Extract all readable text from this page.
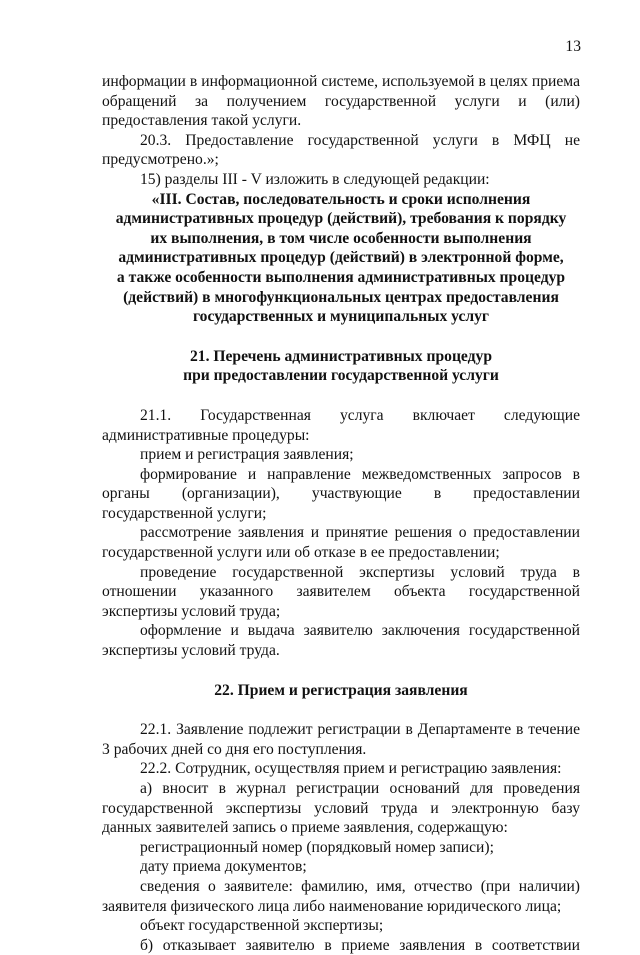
13

информации в информационной системе, используемой в целях приема обращений за получением государственной услуги и (или) предоставления такой услуги.

20.3. Предоставление государственной услуги в МФЦ не предусмотрено.»;

15) разделы III - V изложить в следующей редакции:

«III. Состав, последовательность и сроки исполнения

административных процедур (действий), требования к порядку

их выполнения, в том числе особенности выполнения

административных процедур (действий) в электронной форме,

а также особенности выполнения административных процедур

(действий) в многофункциональных центрах предоставления

государственных и муниципальных услуг

21. Перечень административных процедур

при предоставлении государственной услуги

21.1. Государственная услуга включает следующие административные процедуры:

прием и регистрация заявления;

формирование и направление межведомственных запросов в органы (организации), участвующие в предоставлении государственной услуги;

рассмотрение заявления и принятие решения о предоставлении государственной услуги или об отказе в ее предоставлении;

проведение государственной экспертизы условий труда в отношении указанного заявителем объекта государственной экспертизы условий труда;

оформление и выдача заявителю заключения государственной экспертизы условий труда.

22. Прием и регистрация заявления

22.1. Заявление подлежит регистрации в Департаменте в течение 3 рабочих дней со дня его поступления.

22.2. Сотрудник, осуществляя прием и регистрацию заявления:

а) вносит в журнал регистрации оснований для проведения государственной экспертизы условий труда и электронную базу данных заявителей запись о приеме заявления, содержащую:

регистрационный номер (порядковый номер записи);

дату приема документов;

сведения о заявителе: фамилию, имя, отчество (при наличии) заявителя физического лица либо наименование юридического лица;

объект государственной экспертизы;

б) отказывает заявителю в приеме заявления в соответствии
